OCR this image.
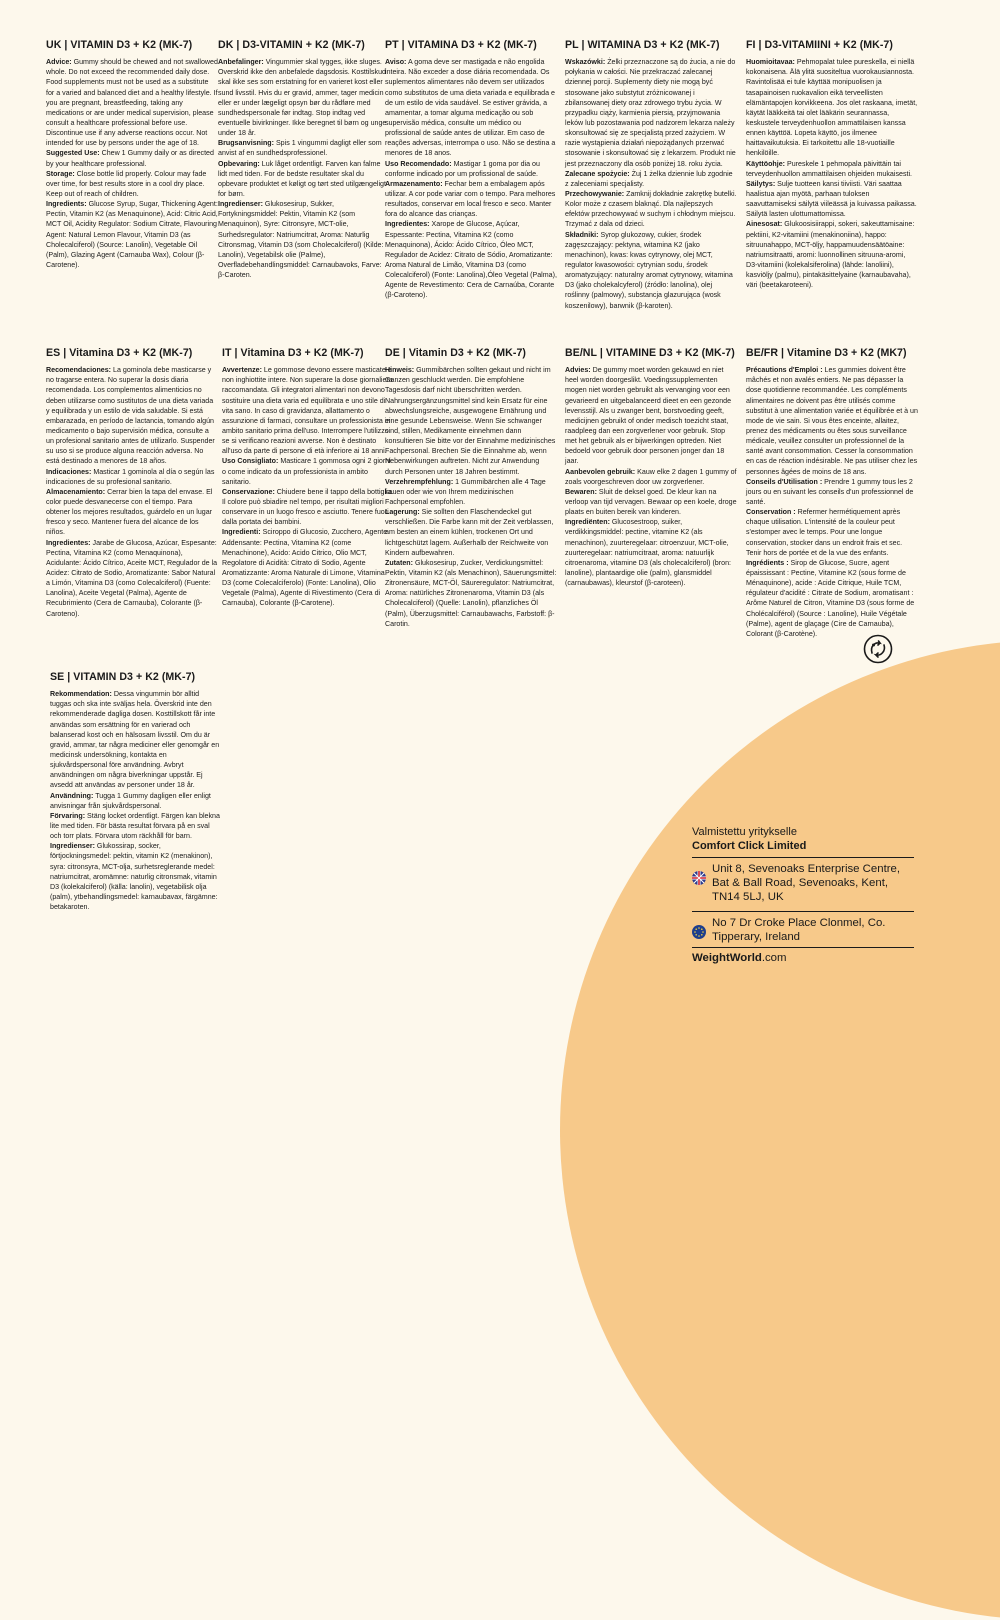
UK | VITAMIN D3 + K2 (MK-7)

Advice: Gummy should be chewed and not swallowed whole. Do not exceed the recommended daily dose. Food supplements must not be used as a substitute for a varied and balanced diet and a healthy lifestyle. If you are pregnant, breastfeeding, taking any medications or are under medical supervision, please consult a healthcare professional before use. Discontinue use if any adverse reactions occur. Not intended for use by persons under the age of 18.

Suggested Use: Chew 1 Gummy daily or as directed by your healthcare professional.

Storage: Close bottle lid properly. Colour may fade over time, for best results store in a cool dry place. Keep out of reach of children.

Ingredients: Glucose Syrup, Sugar, Thickening Agent: Pectin, Vitamin K2 (as Menaquinone), Acid: Citric Acid, MCT Oil, Acidity Regulator: Sodium Citrate, Flavouring Agent: Natural Lemon Flavour, Vitamin D3 (as Cholecalciferol) (Source: Lanolin), Vegetable Oil (Palm), Glazing Agent (Carnauba Wax), Colour (β-Carotene).

DK | D3-VITAMIN + K2 (MK-7)

Anbefalinger: Vingummier skal tygges, ikke sluges. Overskrid ikke den anbefalede dagsdosis. Kosttilskud skal ikke ses som erstatning for en varieret kost eller sund livsstil. Hvis du er gravid, ammer, tager medicin eller er under lægeligt opsyn bør du rådføre med sundhedspersonale før indtag. Stop indtag ved eventuelle bivirkninger. Ikke beregnet til børn og unge under 18 år.

Brugsanvisning: Spis 1 vingummi dagligt eller som anvist af en sundhedsprofessionel.

Opbevaring: Luk låget ordentligt. Farven kan falme lidt med tiden. For de bedste resultater skal du opbevare produktet et køligt og tørt sted utilgængeligt for børn.

Ingredienser: Glukosesirup, Sukker, Fortykningsmiddel: Pektin, Vitamin K2 (som Menaquinon), Syre: Citronsyre, MCT-olie, Surhedsregulator: Natriumcitrat, Aroma: Naturlig Citronsmag, Vitamin D3 (som Cholecalciferol) (Kilde: Lanolin), Vegetabilsk olie (Palme), Overfladebehandlingsmiddel: Carnaubavoks, Farve: β-Caroten.

PT | VITAMINA D3 + K2 (MK-7)

Aviso: A goma deve ser mastigada e não engolida inteira. Não exceder a dose diária recomendada. Os suplementos alimentares não devem ser utilizados como substitutos de uma dieta variada e equilibrada e de um estilo de vida saudável. Se estiver grávida, a amamentar, a tomar alguma medicação ou sob supervisão médica, consulte um médico ou profissional de saúde antes de utilizar. Em caso de reações adversas, interrompa o uso. Não se destina a menores de 18 anos.

Uso Recomendado: Mastigar 1 goma por dia ou conforme indicado por um profissional de saúde.

Armazenamento: Fechar bem a embalagem após utilizar. A cor pode variar com o tempo. Para melhores resultados, conservar em local fresco e seco. Manter fora do alcance das crianças.

Ingredientes: Xarope de Glucose, Açúcar, Espessante: Pectina, Vitamina K2 (como Menaquinona), Ácido: Ácido Cítrico, Óleo MCT, Regulador de Acidez: Citrato de Sódio, Aromatizante: Aroma Natural de Limão, Vitamina D3 (como Colecalciferol) (Fonte: Lanolina),Óleo Vegetal (Palma), Agente de Revestimento: Cera de Carnaúba, Corante (β-Caroteno).

PL | WITAMINA D3 + K2 (MK-7)

Wskazówki: Żelki przeznaczone są do żucia, a nie do połykania w całości. Nie przekraczać zalecanej dziennej porcji. Suplementy diety nie mogą być stosowane jako substytut zróżnicowanej i zbilansowanej diety oraz zdrowego trybu życia. W przypadku ciąży, karmienia piersią, przyjmowania leków lub pozostawania pod nadzorem lekarza należy skonsultować się ze specjalistą przed zażyciem. W razie wystąpienia działań niepożądanych przerwać stosowanie i skonsultować się z lekarzem. Produkt nie jest przeznaczony dla osób poniżej 18. roku życia.

Zalecane spożycie: Żuj 1 żelka dziennie lub zgodnie z zaleceniami specjalisty.

Przechowywanie: Zamknij dokładnie zakrętkę butelki. Kolor może z czasem blaknąć. Dla najlepszych efektów przechowywać w suchym i chłodnym miejscu. Trzymać z dala od dzieci.

Składniki: Syrop glukozowy, cukier, środek zagęszczający: pektyna, witamina K2 (jako menachinon), kwas: kwas cytrynowy, olej MCT, regulator kwasowości: cytrynian sodu, środek aromatyzujący: naturalny aromat cytrynowy, witamina D3 (jako cholekalcyferol) (źródło: lanolina), olej roślinny (palmowy), substancja glazurująca (wosk koszenilowy), barwnik (β-karoten).

FI | D3-VITAMIINI + K2 (MK-7)

Huomioitavaa: Pehmopalat tulee pureskella, ei niellä kokonaisena. Älä ylitä suositeltua vuorokausiannosta. Ravintolisää ei tule käyttää monipuolisen ja tasapainoisen ruokavalion eikä terveellisten elämäntapojen korvikkeena. Jos olet raskaana, imetät, käytät lääkkeitä tai olet lääkärin seurannassa, keskustele terveydenhuollon ammattilaisen kanssa ennen käyttöä. Lopeta käyttö, jos ilmenee haittavaikutuksia. Ei tarkoitettu alle 18-vuotiaille henkilöille.

Käyttöohje: Pureskele 1 pehmopala päivittäin tai terveydenhuollon ammattilaisen ohjeiden mukaisesti.

Säilytys: Sulje tuotteen kansi tiiviisti. Väri saattaa haalistua ajan myötä, parhaan tuloksen saavuttamiseksi säilytä viileässä ja kuivassa paikassa. Säilytä lasten ulottumattomissa.

Ainesosat: Glukoosisiirappi, sokeri, sakeuttamisaine: pektiini, K2-vitamiini (menakinoniina), happo: sitruunahappo, MCT-öljy, happamuudensäätöaine: natriumsitraatti, aromi: luonnollinen sitruuna-aromi, D3-vitamiini (kolekalsiferolina) (lähde: lanoliini), kasviöljy (palmu), pintakäsittelyaine (karnaubavaha), väri (beetakaroteeni).

ES | Vitamina D3 + K2 (MK-7)

Recomendaciones: La gominola debe masticarse y no tragarse entera. No superar la dosis diaria recomendada. Los complementos alimenticios no deben utilizarse como sustitutos de una dieta variada y equilibrada y un estilo de vida saludable. Si está embarazada, en período de lactancia, tomando algún medicamento o bajo supervisión médica, consulte a un profesional sanitario antes de utilizarlo. Suspender su uso si se produce alguna reacción adversa. No está destinado a menores de 18 años.

Indicaciones: Masticar 1 gominola al día o según las indicaciones de su profesional sanitario.

Almacenamiento: Cerrar bien la tapa del envase. El color puede desvanecerse con el tiempo. Para obtener los mejores resultados, guárdelo en un lugar fresco y seco. Mantener fuera del alcance de los niños.

Ingredientes: Jarabe de Glucosa, Azúcar, Espesante: Pectina, Vitamina K2 (como Menaquinona), Acidulante: Ácido Cítrico, Aceite MCT, Regulador de la Acidez: Citrato de Sodio, Aromatizante: Sabor Natural a Limón, Vitamina D3 (como Colecalciferol) (Fuente: Lanolina), Aceite Vegetal (Palma), Agente de Recubrimiento (Cera de Carnauba), Colorante (β-Caroteno).

IT | Vitamina D3 + K2 (MK-7)

Avvertenze: Le gommose devono essere masticate e non inghiottite intere. Non superare la dose giornaliera raccomandata. Gli integratori alimentari non devono sostituire una dieta varia ed equilibrata e uno stile di vita sano. In caso di gravidanza, allattamento o assunzione di farmaci, consultare un professionista in ambito sanitario prima dell'uso. Interrompere l'utilizzo se si verificano reazioni avverse. Non è destinato all'uso da parte di persone di età inferiore ai 18 anni.

Uso Consigliato: Masticare 1 gommosa ogni 2 giorni o come indicato da un professionista in ambito sanitario.

Conservazione: Chiudere bene il tappo della bottiglia. Il colore può sbiadire nel tempo, per risultati migliori conservare in un luogo fresco e asciutto. Tenere fuori dalla portata dei bambini.

Ingredienti: Sciroppo di Glucosio, Zucchero, Agente Addensante: Pectina, Vitamina K2 (come Menachinone), Acido: Acido Citrico, Olio MCT, Regolatore di Acidità: Citrato di Sodio, Agente Aromatizzante: Aroma Naturale di Limone, Vitamina D3 (come Colecalciferolo) (Fonte: Lanolina), Olio Vegetale (Palma), Agente di Rivestimento (Cera di Carnauba), Colorante (β-Carotene).

DE | Vitamin D3 + K2 (MK-7)

Hinweis: Gummibärchen sollten gekaut und nicht im Ganzen geschluckt werden. Die empfohlene Tagesdosis darf nicht überschritten werden. Nahrungsergänzungsmittel sind kein Ersatz für eine abwechslungsreiche, ausgewogene Ernährung und eine gesunde Lebensweise. Wenn Sie schwanger sind, stillen, Medikamente einnehmen dann konsultieren Sie bitte vor der Einnahme medizinisches Fachpersonal. Brechen Sie die Einnahme ab, wenn Nebenwirkungen auftreten. Nicht zur Anwendung durch Personen unter 18 Jahren bestimmt.

Verzehrempfehlung: 1 Gummibärchen alle 4 Tage kauen oder wie von Ihrem medizinischen Fachpersonal empfohlen.

Lagerung: Sie sollten den Flaschendeckel gut verschließen. Die Farbe kann mit der Zeit verblassen, am besten an einem kühlen, trockenen Ort und lichtgeschützt lagern. Außerhalb der Reichweite von Kindern aufbewahren.

Zutaten: Glukosesirup, Zucker, Verdickungsmittel: Pektin, Vitamin K2 (als Menachinon), Säuerungsmittel: Zitronensäure, MCT-Öl, Säureregulator: Natriumcitrat, Aroma: natürliches Zitronenaroma, Vitamin D3 (als Cholecalciferol) (Quelle: Lanolin), pflanzliches Öl (Palm), Überzugsmittel: Carnaubawachs, Farbstoff: β-Carotin.

BE/NL | VITAMINE D3 + K2 (MK-7)

Advies: De gummy moet worden gekauwd en niet heel worden doorgeslikt. Voedingssupplementen mogen niet worden gebruikt als vervanging voor een gevarieerd en uitgebalanceerd dieet en een gezonde levensstijl. Als u zwanger bent, borstvoeding geeft, medicijnen gebruikt of onder medisch toezicht staat, raadpleeg dan een zorgverlener voor gebruik. Stop met het gebruik als er bijwerkingen optreden. Niet bedoeld voor gebruik door personen jonger dan 18 jaar.

Aanbevolen gebruik: Kauw elke 2 dagen 1 gummy of zoals voorgeschreven door uw zorgverlener.

Bewaren: Sluit de deksel goed. De kleur kan na verloop van tijd vervagen. Bewaar op een koele, droge plaats en buiten bereik van kinderen.

Ingrediënten: Glucosestroop, suiker, verdikkingsmiddel: pectine, vitamine K2 (als menachinon), zuurteregelaar: citroenzuur, MCT-olie, zuurteregelaar: natriumcitraat, aroma: natuurlijk citroenaroma, vitamine D3 (als cholecalciferol) (bron: lanoline), plantaardige olie (palm), glansmiddel (carnaubawas), kleurstof (β-caroteen).

BE/FR | Vitamine D3 + K2 (MK7)

Précautions d'Emploi : Les gummies doivent être mâchés et non avalés entiers. Ne pas dépasser la dose quotidienne recommandée. Les compléments alimentaires ne doivent pas être utilisés comme substitut à une alimentation variée et équilibrée et à un mode de vie sain. Si vous êtes enceinte, allaitez, prenez des médicaments ou êtes sous surveillance médicale, veuillez consulter un professionnel de la santé avant consommation. Cesser la consommation en cas de réaction indésirable. Ne pas utiliser chez les personnes âgées de moins de 18 ans.

Conseils d'Utilisation : Prendre 1 gummy tous les 2 jours ou en suivant les conseils d'un professionnel de santé.

Conservation : Refermer hermétiquement après chaque utilisation. L'intensité de la couleur peut s'estomper avec le temps. Pour une longue conservation, stocker dans un endroit frais et sec. Tenir hors de portée et de la vue des enfants.

Ingrédients : Sirop de Glucose, Sucre, agent épaississant : Pectine, Vitamine K2 (sous forme de Ménaquinone), acide : Acide Citrique, Huile TCM, régulateur d'acidité : Citrate de Sodium, aromatisant : Arôme Naturel de Citron, Vitamine D3 (sous forme de Cholécalciférol) (Source : Lanoline), Huile Végétale (Palme), agent de glaçage (Cire de Carnauba), Colorant (β-Carotène).

SE | VITAMIN D3 + K2 (MK-7)

Rekommendation: Dessa vingummin bör alltid tuggas och ska inte sväljas hela. Överskrid inte den rekommenderade dagliga dosen. Kosttillskott får inte användas som ersättning för en varierad och balanserad kost och en hälsosam livsstil. Om du är gravid, ammar, tar några mediciner eller genomgår en medicinsk undersökning, kontakta en sjukvårdspersonal före användning. Avbryt användningen om några biverkningar uppstår. Ej avsedd att användas av personer under 18 år.

Användning: Tugga 1 Gummy dagligen eller enligt anvisningar från sjukvårdspersonal.

Förvaring: Stäng locket ordentligt. Färgen kan blekna lite med tiden. För bästa resultat förvara på en sval och torr plats. Förvara utom räckhåll för barn.

Ingredienser: Glukossirap, socker, förtjockningsmedel: pektin, vitamin K2 (menakinon), syra: citronsyra, MCT-olja, surhetsreglerande medel: natriumcitrat, aromämne: naturlig citronsmak, vitamin D3 (kolekalciferol) (källa: lanolin), vegetabilisk olja (palm), ytbehandlingsmedel: karnaubavax, färgämne: betakaroten.

Valmistettu yritykselle
Comfort Click Limited
Unit 8, Sevenoaks Enterprise Centre, Bat & Ball Road, Sevenoaks, Kent, TN14 5LJ, UK
No 7 Dr Croke Place Clonmel, Co. Tipperary, Ireland
WeightWorld.com
